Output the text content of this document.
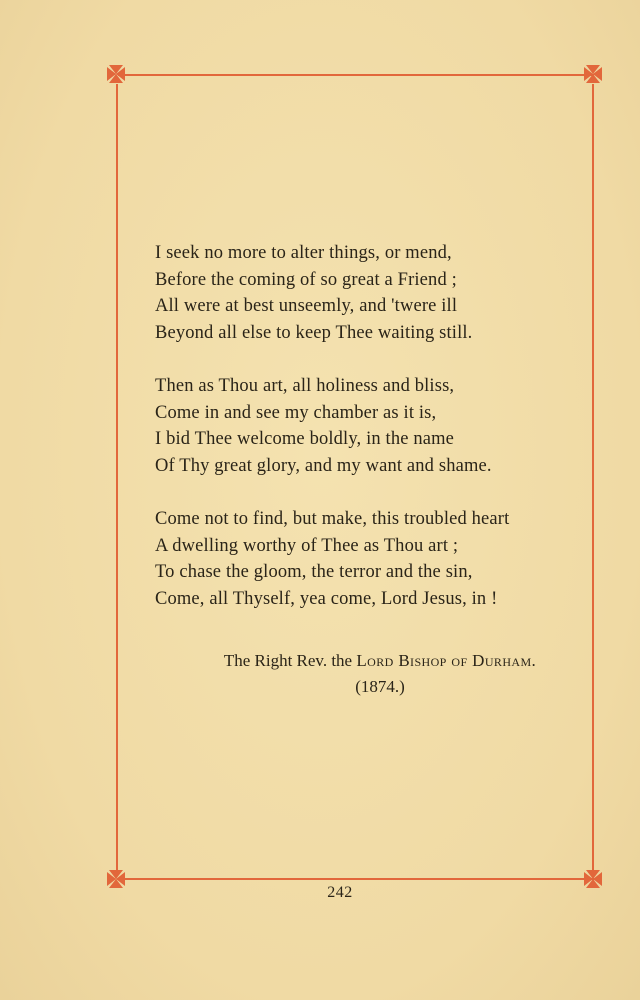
I seek no more to alter things, or mend,
Before the coming of so great a Friend ;
All were at best unseemly, and 'twere ill
Beyond all else to keep Thee waiting still.
Then as Thou art, all holiness and bliss,
Come in and see my chamber as it is,
I bid Thee welcome boldly, in the name
Of Thy great glory, and my want and shame.
Come not to find, but make, this troubled heart
A dwelling worthy of Thee as Thou art ;
To chase the gloom, the terror and the sin,
Come, all Thyself, yea come, Lord Jesus, in !
The Right Rev. the Lord Bishop of Durham.
(1874.)
242
